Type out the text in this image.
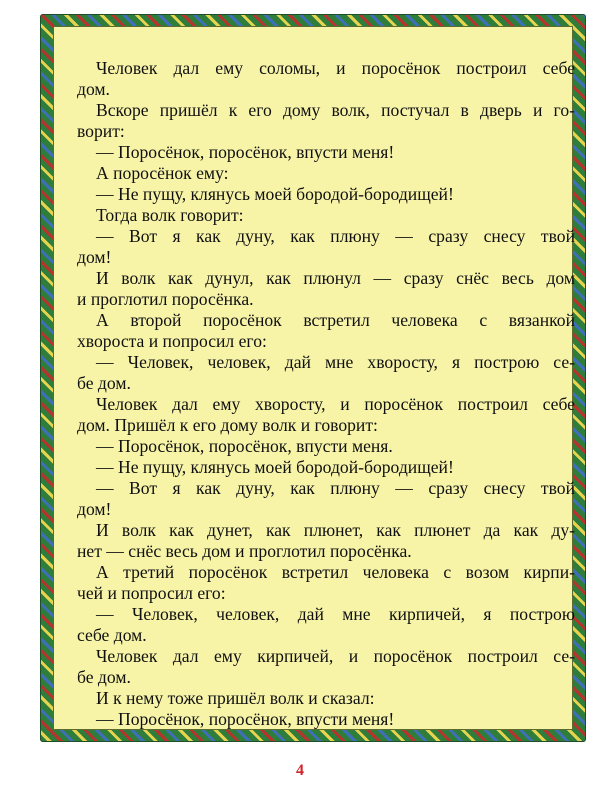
Человек дал ему соломы, и поросёнок построил себе
дом.
Вскоре пришёл к его дому волк, постучал в дверь и го-
ворит:
— Поросёнок, поросёнок, впусти меня!
А поросёнок ему:
— Не пущу, клянусь моей бородой-бородищей!
Тогда волк говорит:
— Вот я как дуну, как плюну — сразу снесу твой
дом!
И волк как дунул, как плюнул — сразу снёс весь дом
и проглотил поросёнка.
А второй поросёнок встретил человека с вязанкой
хвороста и попросил его:
— Человек, человек, дай мне хворосту, я построю се-
бе дом.
Человек дал ему хворосту, и поросёнок построил себе
дом. Пришёл к его дому волк и говорит:
— Поросёнок, поросёнок, впусти меня.
— Не пущу, клянусь моей бородой-бородищей!
— Вот я как дуну, как плюну — сразу снесу твой
дом!
И волк как дунет, как плюнет, как плюнет да как ду-
нет — снёс весь дом и проглотил поросёнка.
А третий поросёнок встретил человека с возом кирпи-
чей и попросил его:
— Человек, человек, дай мне кирпичей, я построю
себе дом.
Человек дал ему кирпичей, и поросёнок построил се-
бе дом.
И к нему тоже пришёл волк и сказал:
— Поросёнок, поросёнок, впусти меня!
4
